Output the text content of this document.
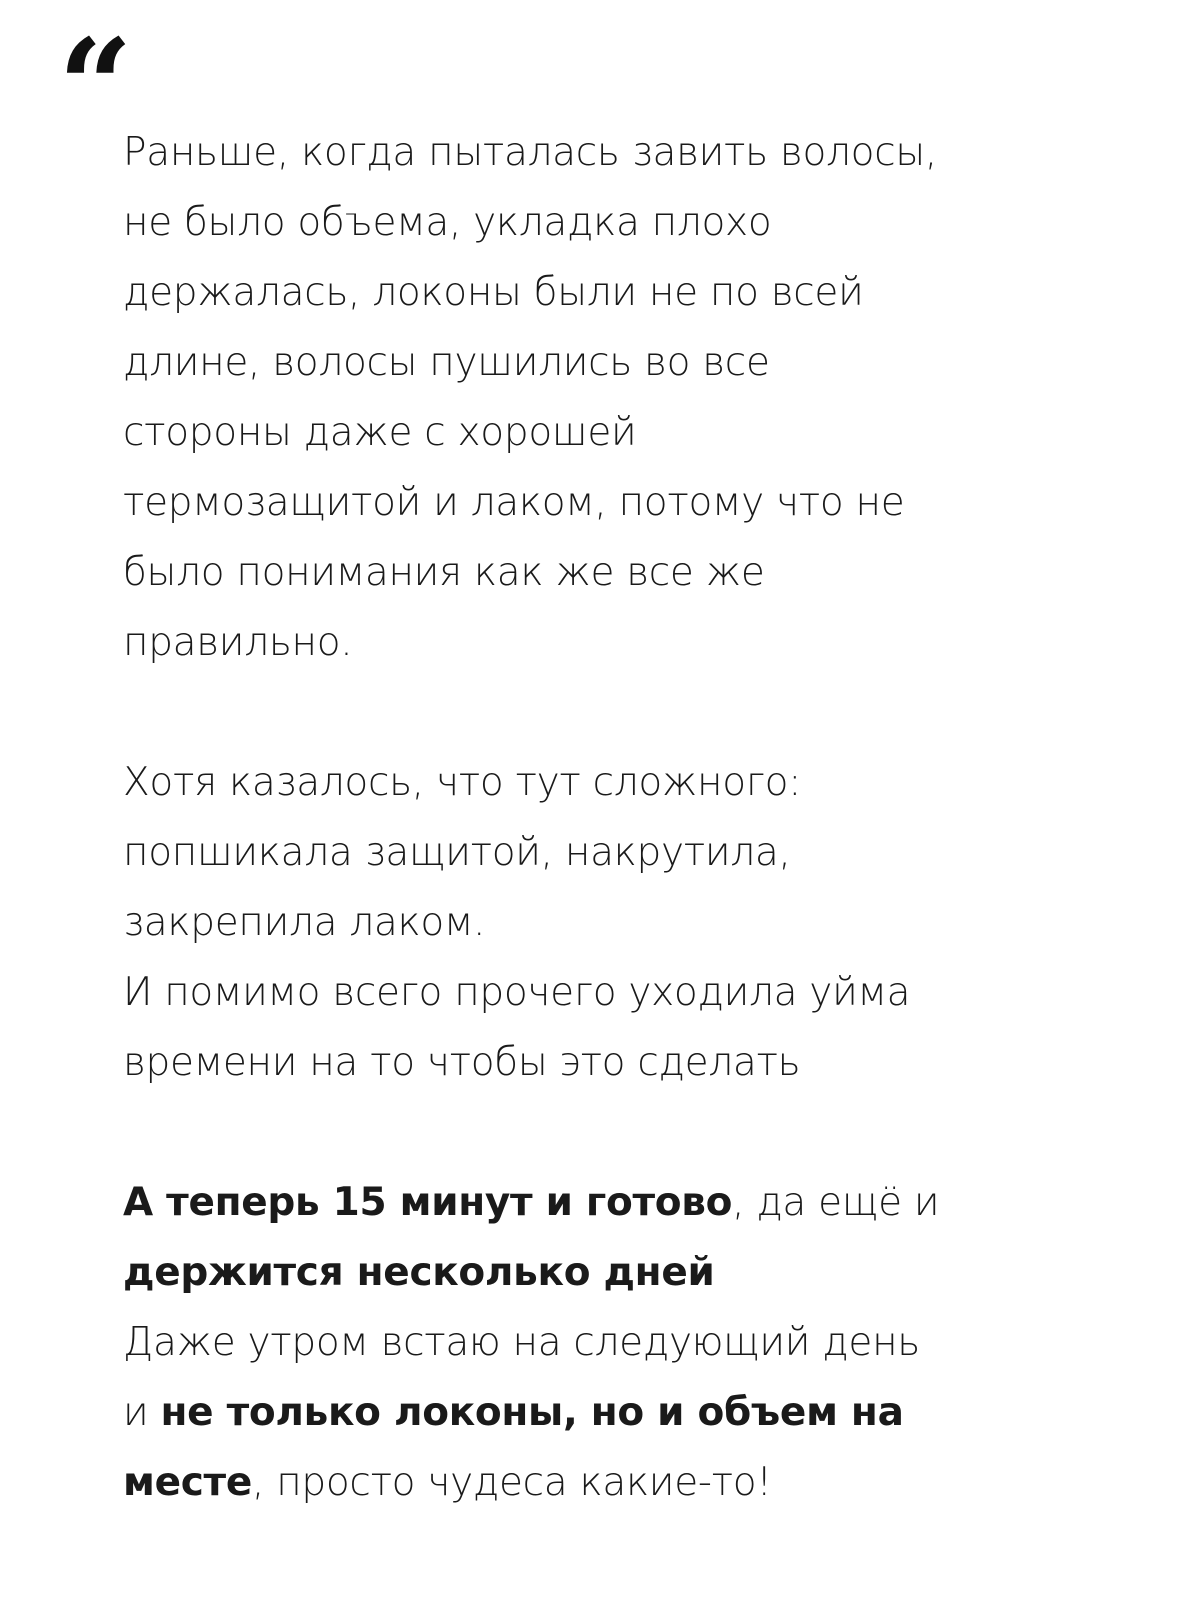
“
Раньше, когда пыталась завить волосы,
не было объема, укладка плохо
держалась, локоны были не по всей
длине, волосы пушились во все
стороны даже с хорошей
термозащитой и лаком, потому что не
было понимания как же все же
правильно.
Хотя казалось, что тут сложного:
попшикала защитой, накрутила,
закрепила лаком.
И помимо всего прочего уходила уйма
времени на то чтобы это сделать
А теперь 15 минут и готово, да ещё и
держится несколько дней
Даже утром встаю на следующий день
и не только локоны, но и объем на
месте, просто чудеса какие-то!
